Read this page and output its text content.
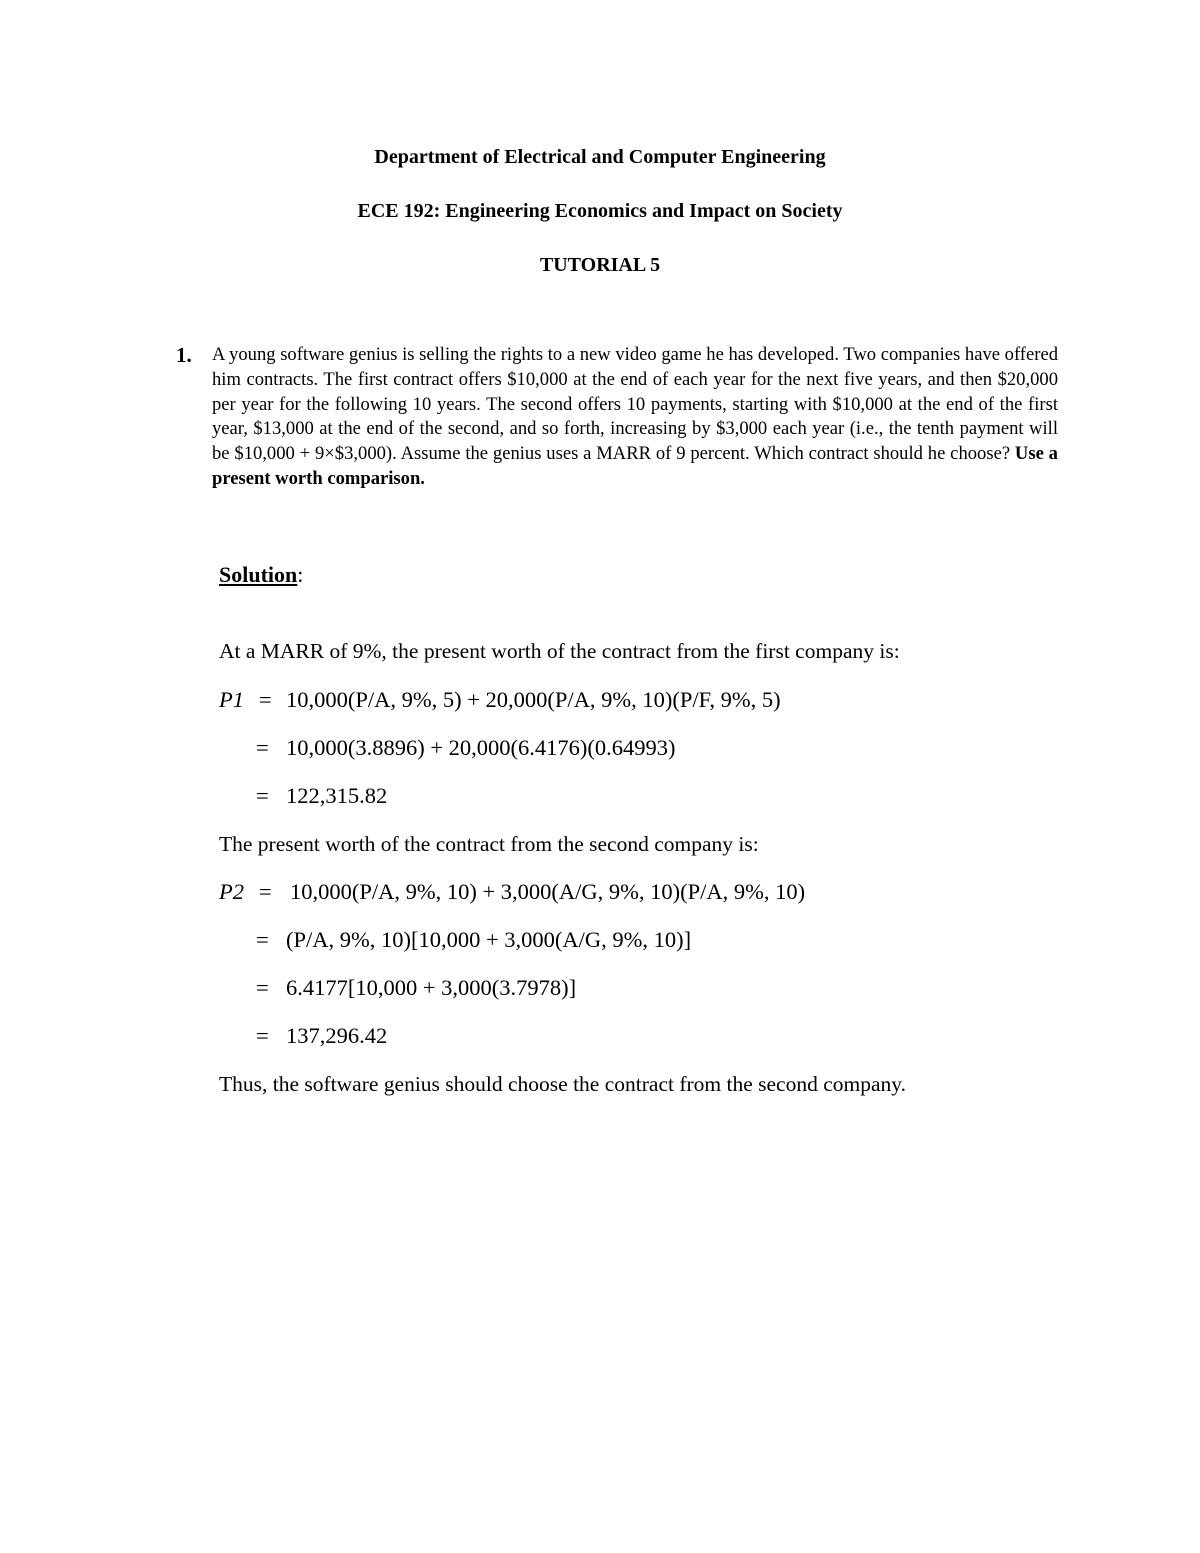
Department of Electrical and Computer Engineering
ECE 192: Engineering Economics and Impact on Society
TUTORIAL 5
1. A young software genius is selling the rights to a new video game he has developed. Two companies have offered him contracts. The first contract offers $10,000 at the end of each year for the next five years, and then $20,000 per year for the following 10 years. The second offers 10 payments, starting with $10,000 at the end of the first year, $13,000 at the end of the second, and so forth, increasing by $3,000 each year (i.e., the tenth payment will be $10,000 + 9×$3,000). Assume the genius uses a MARR of 9 percent. Which contract should he choose? Use a present worth comparison.
Solution:
At a MARR of 9%, the present worth of the contract from the first company is:
P1 = 10,000(P/A, 9%, 5) + 20,000(P/A, 9%, 10)(P/F, 9%, 5)
= 10,000(3.8896) + 20,000(6.4176)(0.64993)
= 122,315.82
The present worth of the contract from the second company is:
P2 = 10,000(P/A, 9%, 10) + 3,000(A/G, 9%, 10)(P/A, 9%, 10)
= (P/A, 9%, 10)[10,000 + 3,000(A/G, 9%, 10)]
= 6.4177[10,000 + 3,000(3.7978)]
= 137,296.42
Thus, the software genius should choose the contract from the second company.
